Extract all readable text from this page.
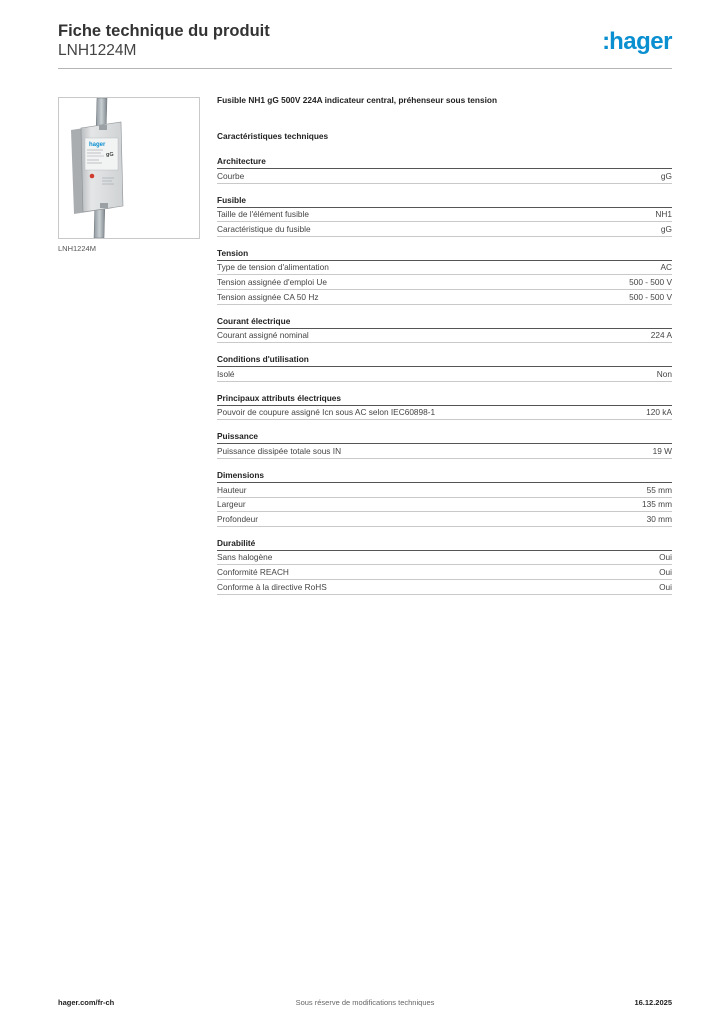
Fiche technique du produit
LNH1224M	:hager
hager
gG
LNH1224M
Fusible NH1 gG 500V 224A indicateur central, préhenseur sous tension
Caractéristiques techniques
Architecture
Courbe	gG
Fusible
Taille de l'élément fusible	NH1
Caractéristique du fusible	gG
Tension
Type de tension d'alimentation	AC
Tension assignée d'emploi Ue	500 - 500 V
Tension assignée CA 50 Hz	500 - 500 V
Courant électrique
Courant assigné nominal	224 A
Conditions d'utilisation
Isolé	Non
Principaux attributs électriques
Pouvoir de coupure assigné Icn sous AC selon IEC60898-1	120 kA
Puissance
Puissance dissipée totale sous IN	19 W
Dimensions
Hauteur	55 mm
Largeur	135 mm
Profondeur	30 mm
Durabilité
Sans halogène	Oui
Conformité REACH	Oui
Conforme à la directive RoHS	Oui
hager.com/fr-ch	Sous réserve de modifications techniques	16.12.2025
